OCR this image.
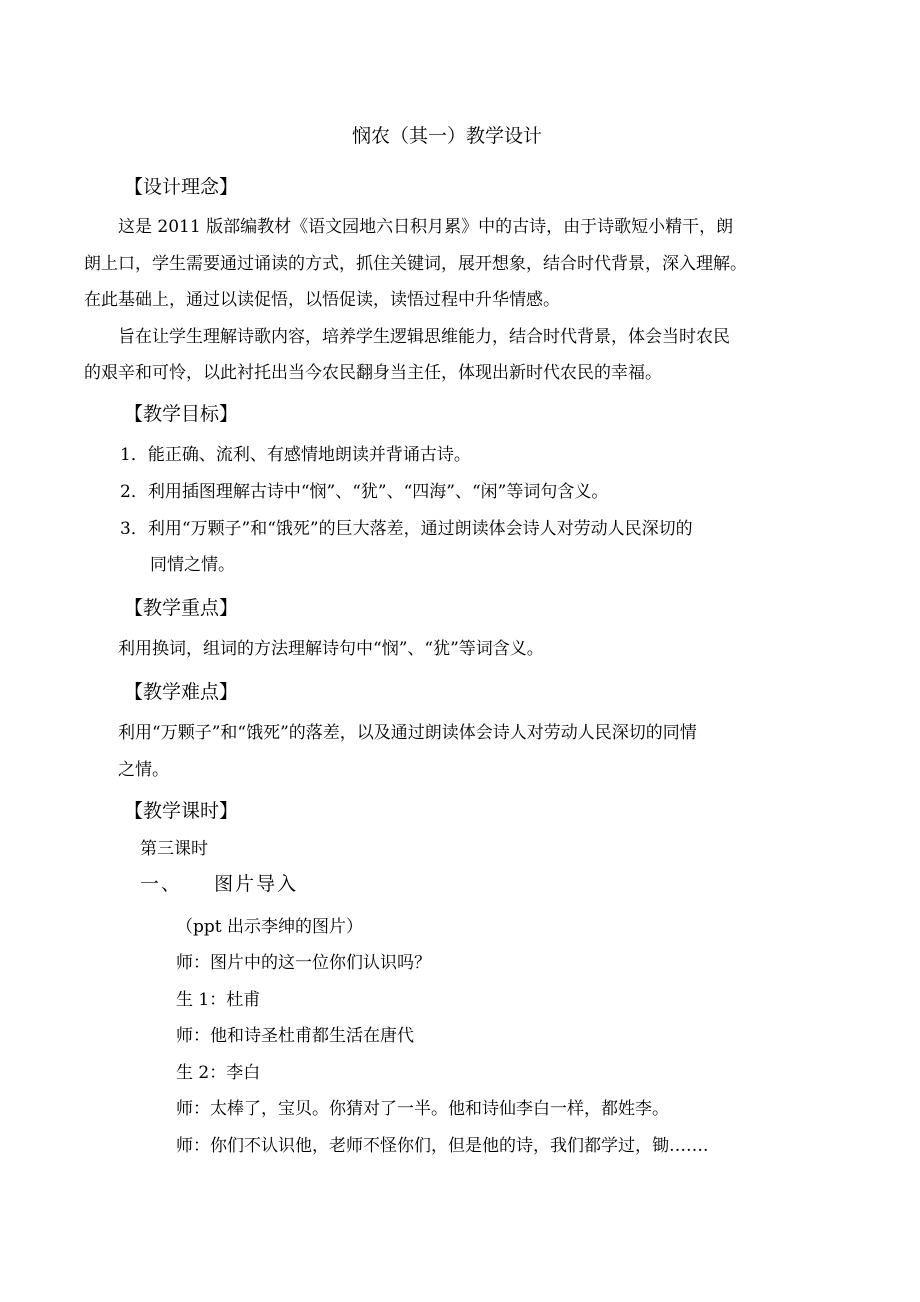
悯农（其一）教学设计
【设计理念】
这是 2011 版部编教材《语文园地六日积月累》中的古诗，由于诗歌短小精干，朗
朗上口，学生需要通过诵读的方式，抓住关键词，展开想象，结合时代背景，深入理解。
在此基础上，通过以读促悟，以悟促读，读悟过程中升华情感。
旨在让学生理解诗歌内容，培养学生逻辑思维能力，结合时代背景，体会当时农民
的艰辛和可怜，以此衬托出当今农民翻身当主任，体现出新时代农民的幸福。
【教学目标】
1．能正确、流利、有感情地朗读并背诵古诗。
2．利用插图理解古诗中“悯”、“犹”、“四海”、“闲”等词句含义。
3．利用“万颗子”和“饿死”的巨大落差，通过朗读体会诗人对劳动人民深切的
同情之情。
【教学重点】
利用换词，组词的方法理解诗句中“悯”、“犹”等词含义。
【教学难点】
利用“万颗子”和“饿死”的落差，以及通过朗读体会诗人对劳动人民深切的同情
之情。
【教学课时】
第三课时
一、    图片导入
（ppt 出示李绅的图片）
师：图片中的这一位你们认识吗？
生 1：杜甫
师：他和诗圣杜甫都生活在唐代
生 2：李白
师：太棒了，宝贝。你猜对了一半。他和诗仙李白一样，都姓李。
师：你们不认识他，老师不怪你们，但是他的诗，我们都学过，锄…….
